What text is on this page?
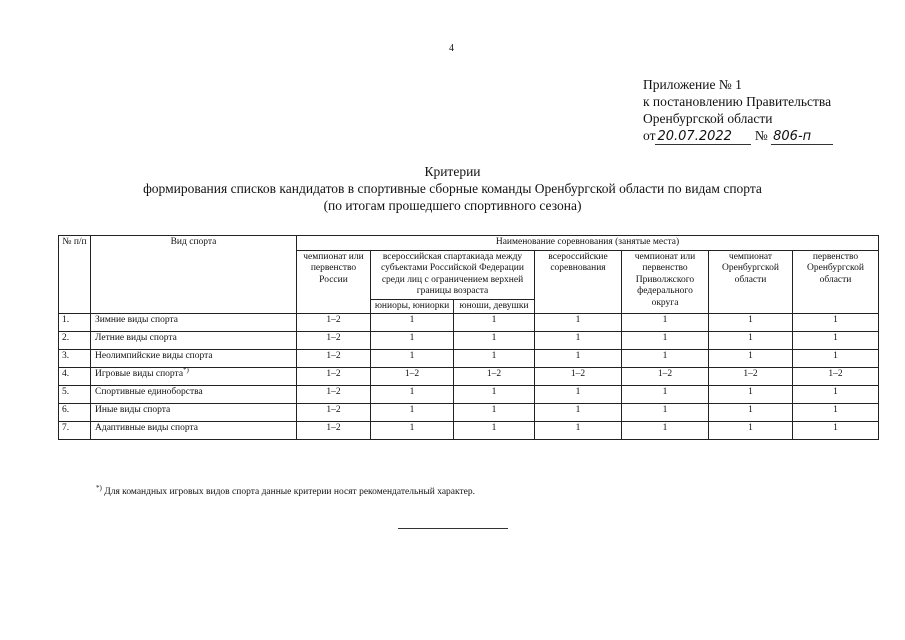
4
Приложение № 1
к постановлению Правительства
Оренбургской области
от 20.07.2022 № 806-п
Критерии
формирования списков кандидатов в спортивные сборные команды Оренбургской области по видам спорта
(по итогам прошедшего спортивного сезона)
№ п/п	Вид спорта	Наименование соревнования (занятые места)						
		чемпионат или первенство России	всероссийская спартакиада между субъектами Российской Федерации среди лиц с ограничением верхней границы возраста		всероссийские соревнования	чемпионат или первенство Приволжского федерального округа	чемпионат Оренбургской области	первенство Оренбургской области
			юниоры, юниорки	юноши, девушки				
1.	Зимние виды спорта	1–2	1	1	1	1	1	1
2.	Летние виды спорта	1–2	1	1	1	1	1	1
3.	Неолимпийские виды спорта	1–2	1	1	1	1	1	1
4.	Игровые виды спорта*)	1–2	1–2	1–2	1–2	1–2	1–2	1–2
5.	Спортивные единоборства	1–2	1	1	1	1	1	1
6.	Иные виды спорта	1–2	1	1	1	1	1	1
7.	Адаптивные виды спорта	1–2	1	1	1	1	1	1
*) Для командных игровых видов спорта данные критерии носят рекомендательный характер.
